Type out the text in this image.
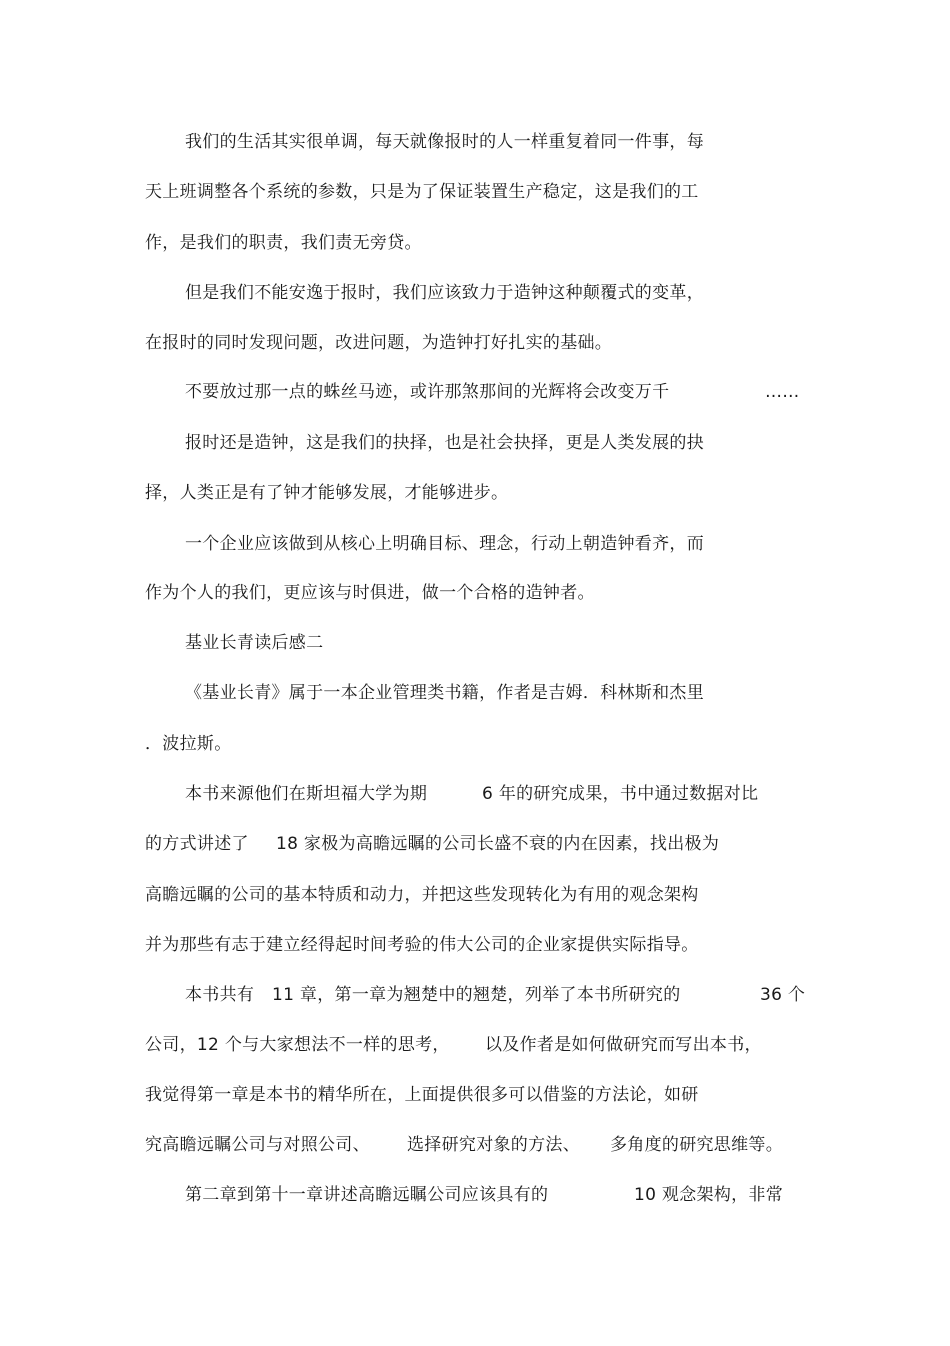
我们的生活其实很单调，每天就像报时的人一样重复着同一件事，每
天上班调整各个系统的参数，只是为了保证装置生产稳定，这是我们的工
作，是我们的职责，我们责无旁贷。
但是我们不能安逸于报时，我们应该致力于造钟这种颠覆式的变革，
在报时的同时发现问题，改进问题，为造钟打好扎实的基础。
不要放过那一点的蛛丝马迹，或许那煞那间的光辉将会改变万千	……
报时还是造钟，这是我们的抉择，也是社会抉择，更是人类发展的抉
择，人类正是有了钟才能够发展，才能够进步。
一个企业应该做到从核心上明确目标、理念，行动上朝造钟看齐，而
作为个人的我们，更应该与时俱进，做一个合格的造钟者。
基业长青读后感二
《基业长青》属于一本企业管理类书籍，作者是吉姆．科林斯和杰里
．波拉斯。
本书来源他们在斯坦福大学为期	6 年的研究成果，书中通过数据对比
的方式讲述了 18 家极为高瞻远瞩的公司长盛不衰的内在因素，找出极为
高瞻远瞩的公司的基本特质和动力，并把这些发现转化为有用的观念架构
并为那些有志于建立经得起时间考验的伟大公司的企业家提供实际指导。
本书共有 11 章，第一章为翘楚中的翘楚，列举了本书所研究的	36 个
公司，12 个与大家想法不一样的思考， 以及作者是如何做研究而写出本书，
我觉得第一章是本书的精华所在，上面提供很多可以借鉴的方法论，如研
究高瞻远瞩公司与对照公司、 选择研究对象的方法、 多角度的研究思维等。
第二章到第十一章讲述高瞻远瞩公司应该具有的	10 观念架构，非常
